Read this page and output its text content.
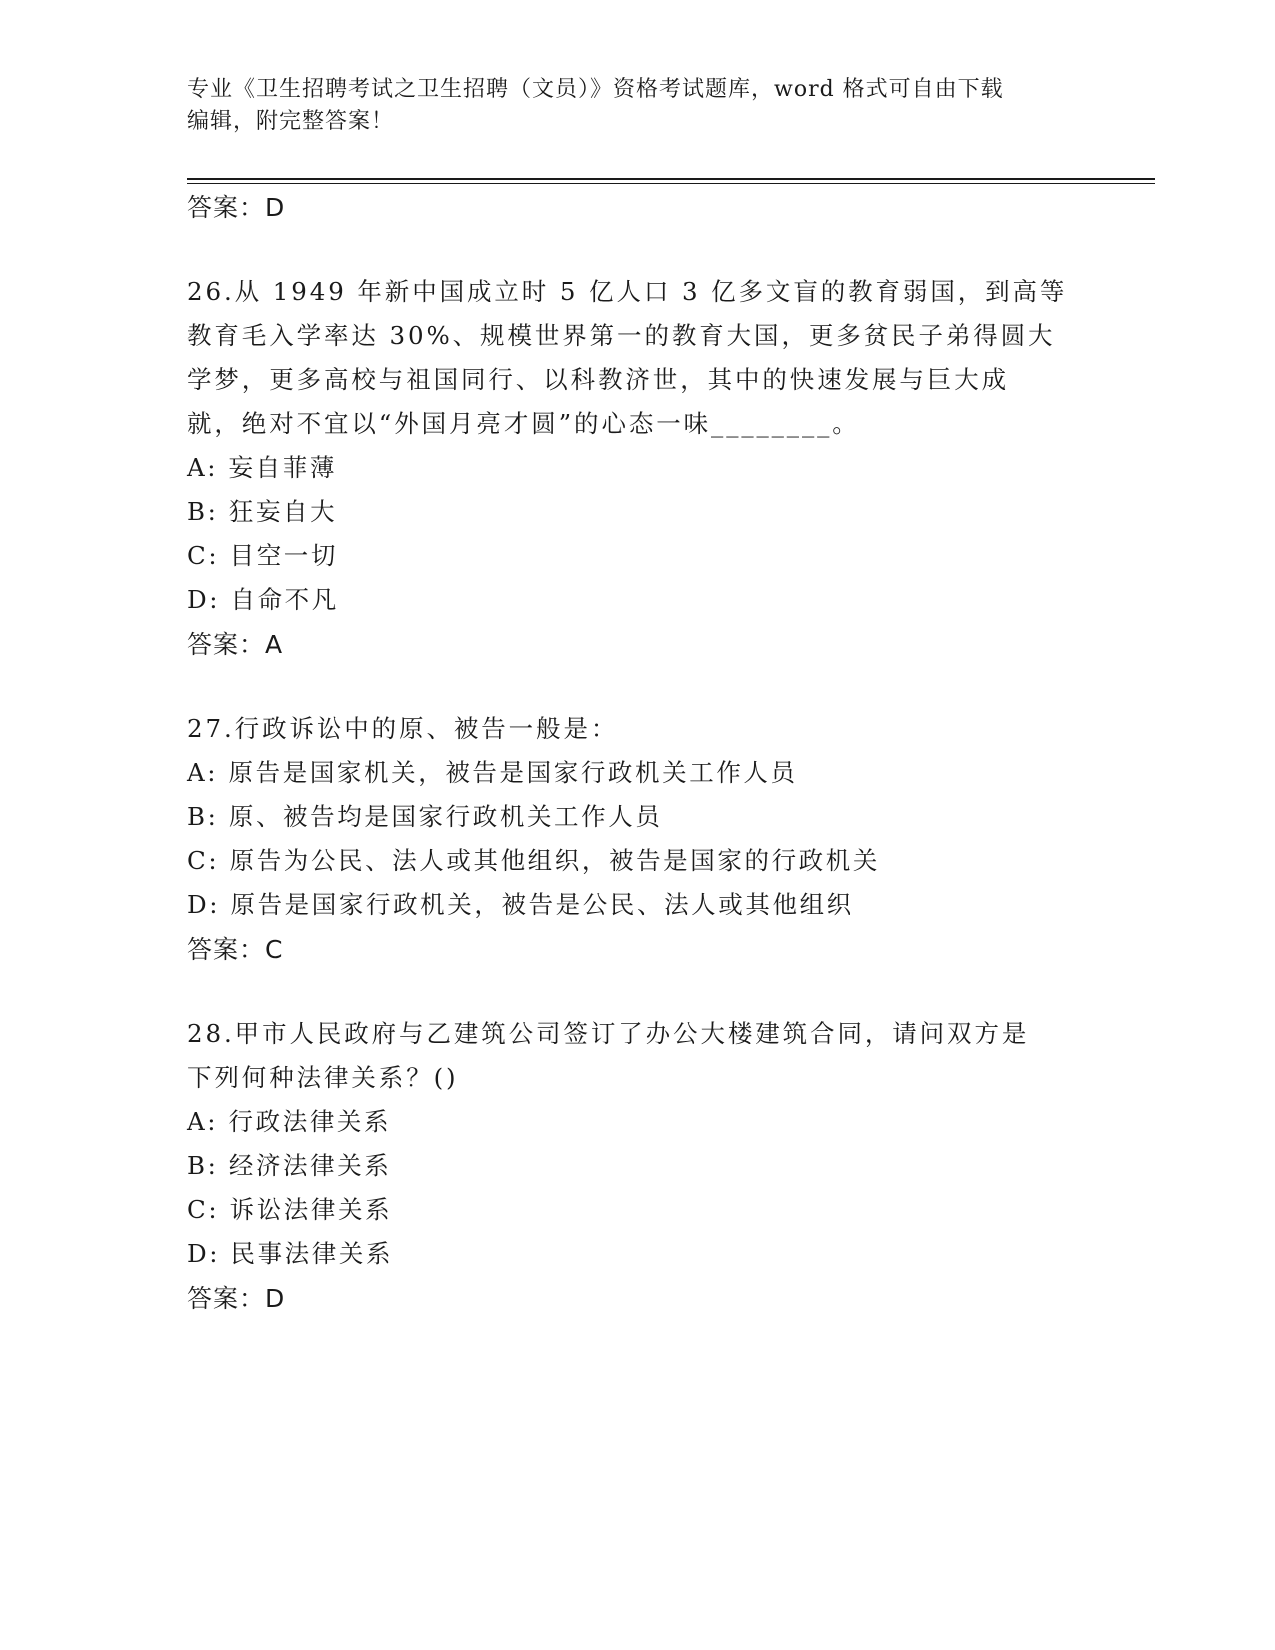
专业《卫生招聘考试之卫生招聘（文员）》资格考试题库，word 格式可自由下载
编辑，附完整答案！
答案：D
26.从 1949 年新中国成立时 5 亿人口 3 亿多文盲的教育弱国，到高等
教育毛入学率达 30%、规模世界第一的教育大国，更多贫民子弟得圆大
学梦，更多高校与祖国同行、以科教济世，其中的快速发展与巨大成
就，绝对不宜以“外国月亮才圆”的心态一味________。
A: 妄自菲薄
B: 狂妄自大
C: 目空一切
D: 自命不凡
答案：A
27.行政诉讼中的原、被告一般是：
A: 原告是国家机关，被告是国家行政机关工作人员
B: 原、被告均是国家行政机关工作人员
C: 原告为公民、法人或其他组织，被告是国家的行政机关
D: 原告是国家行政机关，被告是公民、法人或其他组织
答案：C
28.甲市人民政府与乙建筑公司签订了办公大楼建筑合同，请问双方是
下列何种法律关系？()
A: 行政法律关系
B: 经济法律关系
C: 诉讼法律关系
D: 民事法律关系
答案：D
